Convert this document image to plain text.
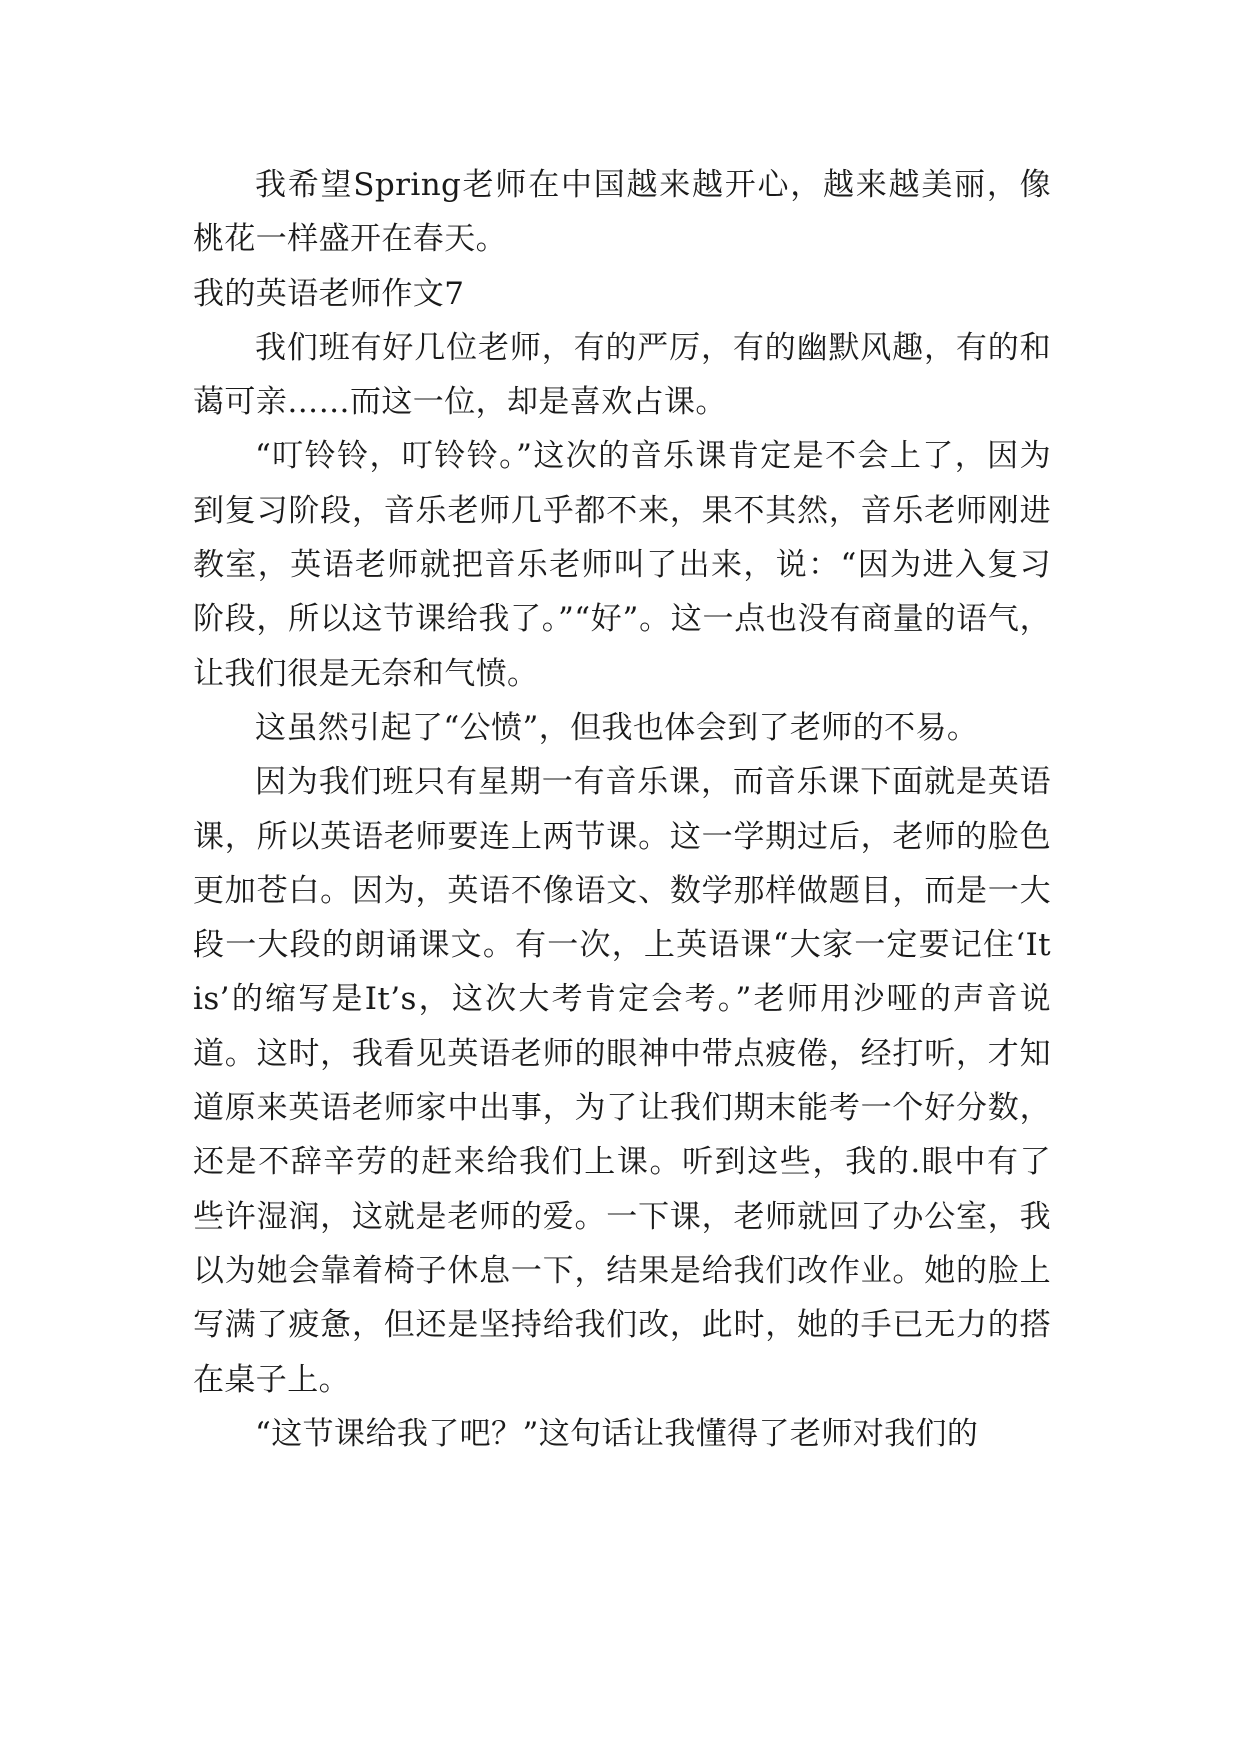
我希望Spring老师在中国越来越开心，越来越美丽，像桃花一样盛开在春天。

我的英语老师作文7

我们班有好几位老师，有的严厉，有的幽默风趣，有的和蔼可亲……而这一位，却是喜欢占课。

“叮铃铃，叮铃铃。”这次的音乐课肯定是不会上了，因为到复习阶段，音乐老师几乎都不来，果不其然，音乐老师刚进教室，英语老师就把音乐老师叫了出来，说：“因为进入复习阶段，所以这节课给我了。”“好”。这一点也没有商量的语气，让我们很是无奈和气愤。

这虽然引起了“公愤”，但我也体会到了老师的不易。

因为我们班只有星期一有音乐课，而音乐课下面就是英语课，所以英语老师要连上两节课。这一学期过后，老师的脸色更加苍白。因为，英语不像语文、数学那样做题目，而是一大段一大段的朗诵课文。有一次，上英语课“大家一定要记住‘It is’的缩写是It’s，这次大考肯定会考。”老师用沙哑的声音说道。这时，我看见英语老师的眼神中带点疲倦，经打听，才知道原来英语老师家中出事，为了让我们期末能考一个好分数，还是不辞辛劳的赶来给我们上课。听到这些，我的.眼中有了些许湿润，这就是老师的爱。一下课，老师就回了办公室，我以为她会靠着椅子休息一下，结果是给我们改作业。她的脸上写满了疲惫，但还是坚持给我们改，此时，她的手已无力的搭在桌子上。

“这节课给我了吧？”这句话让我懂得了老师对我们的
